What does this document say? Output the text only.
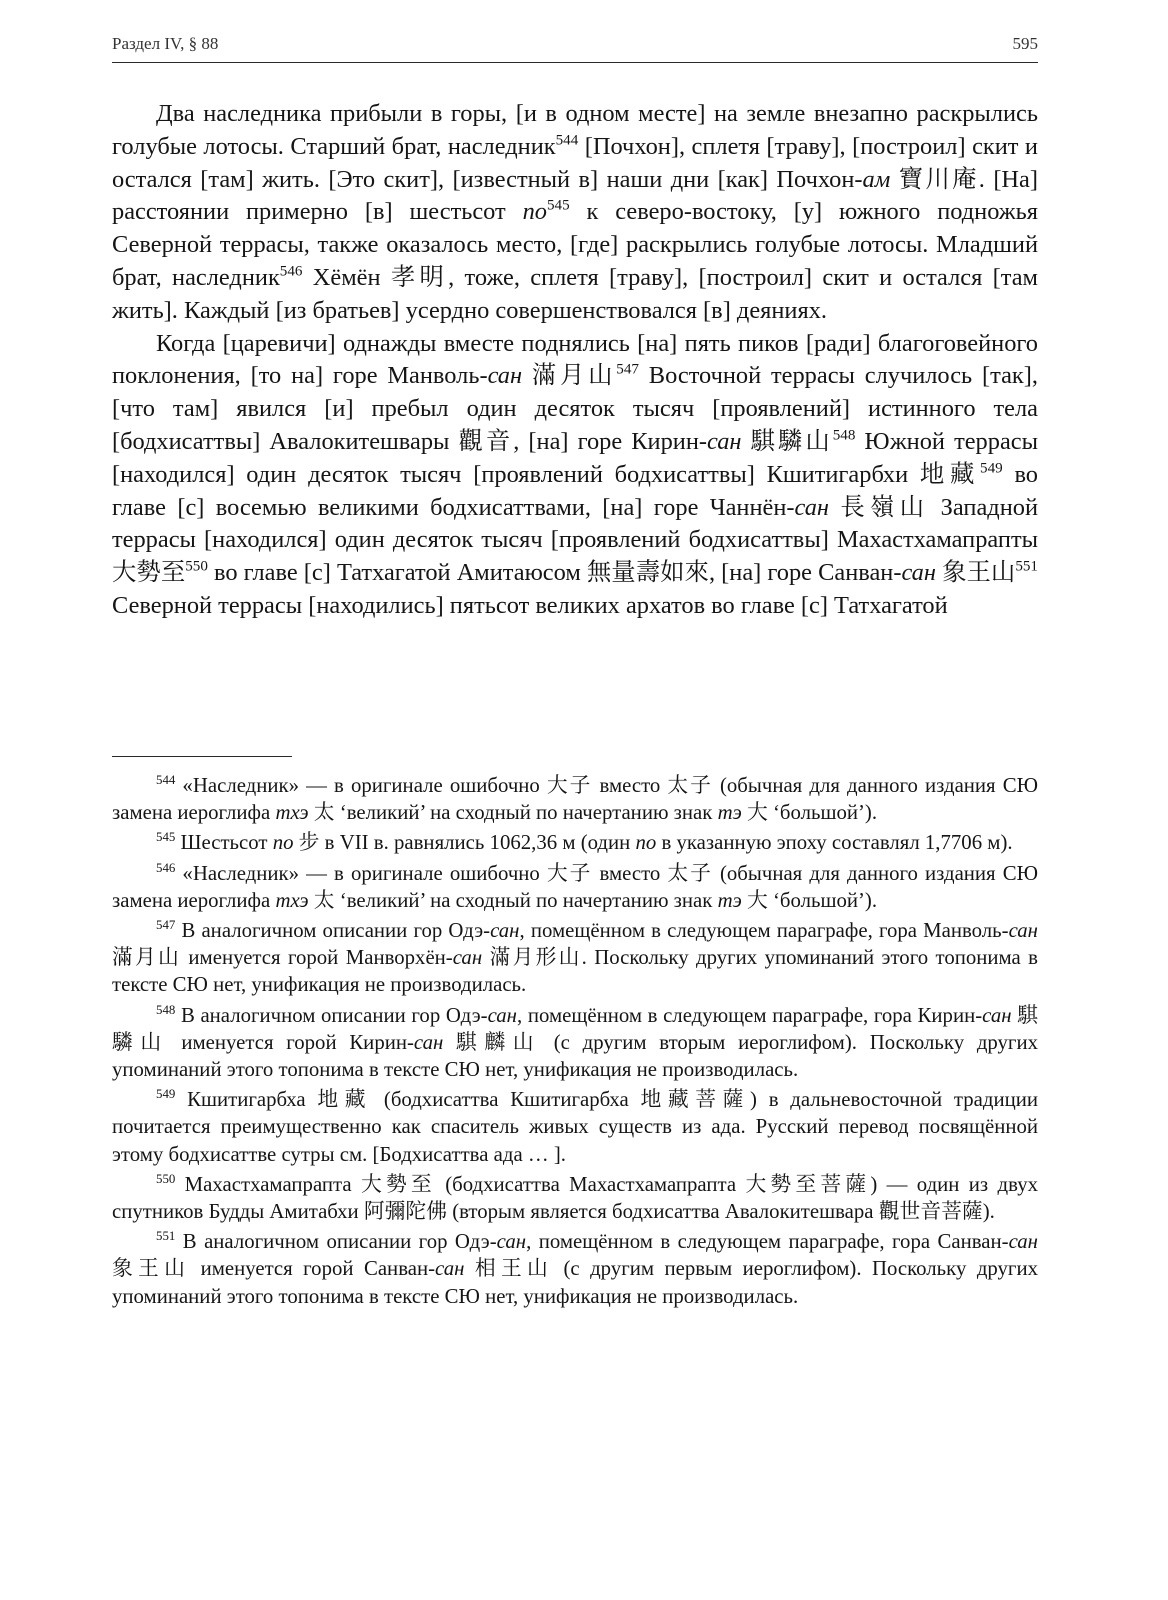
Раздел IV, § 88	595

Два наследника прибыли в горы, [и в одном месте] на земле внезапно раскрылись голубые лотосы. Старший брат, наследник$^{544}$ [Почхон], сплетя [траву], [построил] скит и остался [там] жить. [Это скит], [известный в] наши дни [как] Почхон-ам 寶川庵. [На] расстоянии примерно [в] шестьсот $по^{545}$ к северо-востоку, [у] южного подножья Северной террасы, также оказалось место, [где] раскрылись голубые лотосы. Младший брат, наследник$^{546}$ Хёмён 孝明, тоже, сплетя [траву], [построил] скит и остался [там жить]. Каждый [из братьев] усердно совершенствовался [в] деяниях.

Когда [царевичи] однажды вместе поднялись [на] пять пиков [ради] благоговейного поклонения, [то на] горе Манволь-сан 滿月山$^{547}$ Восточной террасы случилось [так], [что там] явился [и] пребыл один десяток тысяч [проявлений] истинного тела [бодхисаттвы] Авалокитешвары 觀音, [на] горе Кирин-сан 騏驎山$^{548}$ Южной террасы [находился] один десяток тысяч [проявлений бодхисаттвы] Кшитигарбхи 地藏$^{549}$ во главе [с] восемью великими бодхисаттвами, [на] горе Чаннён-сан 長嶺山 Западной террасы [находился] один десяток тысяч [проявлений бодхисаттвы] Махастхамапрапты 大勢至$^{550}$ во главе [с] Татхагатой Амитаюсом 無量壽如來, [на] горе Санван-сан 象王山$^{551}$ Северной террасы [находились] пятьсот великих архатов во главе [с] Татхагатой

$^{544}$ «Наследник» — в оригинале ошибочно 大子 вместо 太子 (обычная для данного издания СЮ замена иероглифа тхэ 太 ‘великий’ на сходный по начертанию знак тэ 大 ‘большой’).

$^{545}$ Шестьсот по 步 в VII в. равнялись 1062,36 м (один по в указанную эпоху составлял 1,7706 м).

$^{546}$ «Наследник» — в оригинале ошибочно 大子 вместо 太子 (обычная для данного издания СЮ замена иероглифа тхэ 太 ‘великий’ на сходный по начертанию знак тэ 大 ‘большой’).

$^{547}$ В аналогичном описании гор Одэ-сан, помещённом в следующем параграфе, гора Манволь-сан 滿月山 именуется горой Манворхён-сан 滿月形山. Поскольку других упоминаний этого топонима в тексте СЮ нет, унификация не производилась.

$^{548}$ В аналогичном описании гор Одэ-сан, помещённом в следующем параграфе, гора Кирин-сан 騏驎山 именуется горой Кирин-сан 騏麟山 (с другим вторым иероглифом). Поскольку других упоминаний этого топонима в тексте СЮ нет, унификация не производилась.

$^{549}$ Кшитигарбха 地藏 (бодхисаттва Кшитигарбха 地藏菩薩) в дальневосточной традиции почитается преимущественно как спаситель живых существ из ада. Русский перевод посвящённой этому бодхисаттве сутры см. [Бодхисаттва ада … ].

$^{550}$ Махастхамапрапта 大勢至 (бодхисаттва Махастхамапрапта 大勢至菩薩) — один из двух спутников Будды Амитабхи 阿彌陀佛 (вторым является бодхисаттва Авалокитешвара 觀世音菩薩).

$^{551}$ В аналогичном описании гор Одэ-сан, помещённом в следующем параграфе, гора Санван-сан 象王山 именуется горой Санван-сан 相王山 (с другим первым иероглифом). Поскольку других упоминаний этого топонима в тексте СЮ нет, унификация не производилась.
